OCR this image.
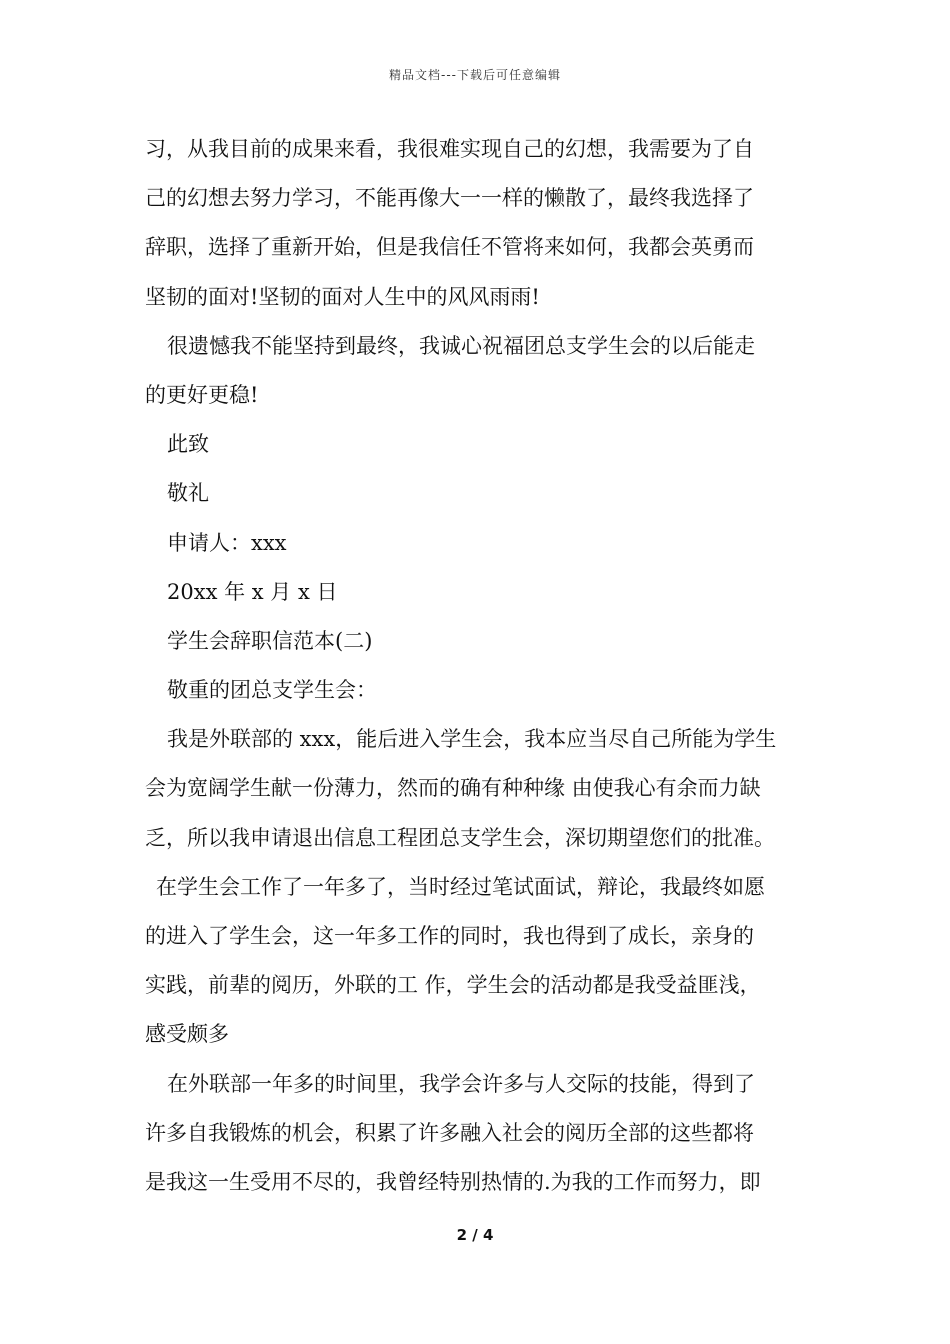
精品文档---下载后可任意编辑
习，从我目前的成果来看，我很难实现自己的幻想，我需要为了自
己的幻想去努力学习，不能再像大一一样的懒散了，最终我选择了
辞职，选择了重新开始，但是我信任不管将来如何，我都会英勇而
坚韧的面对!坚韧的面对人生中的风风雨雨!
很遗憾我不能坚持到最终，我诚心祝福团总支学生会的以后能走
的更好更稳!
此致
敬礼
申请人：xxx
20xx 年 x 月 x 日
学生会辞职信范本(二)
敬重的团总支学生会：
我是外联部的 xxx，能后进入学生会，我本应当尽自己所能为学生
会为宽阔学生献一份薄力，然而的确有种种缘 由使我心有余而力缺
乏，所以我申请退出信息工程团总支学生会，深切期望您们的批准。
在学生会工作了一年多了，当时经过笔试面试，辩论，我最终如愿
的进入了学生会，这一年多工作的同时，我也得到了成长，亲身的
实践，前辈的阅历，外联的工 作，学生会的活动都是我受益匪浅，
感受颇多
在外联部一年多的时间里，我学会许多与人交际的技能，得到了
许多自我锻炼的机会，积累了许多融入社会的阅历全部的这些都将
是我这一生受用不尽的，我曾经特别热情的.为我的工作而努力，即
2 / 4
